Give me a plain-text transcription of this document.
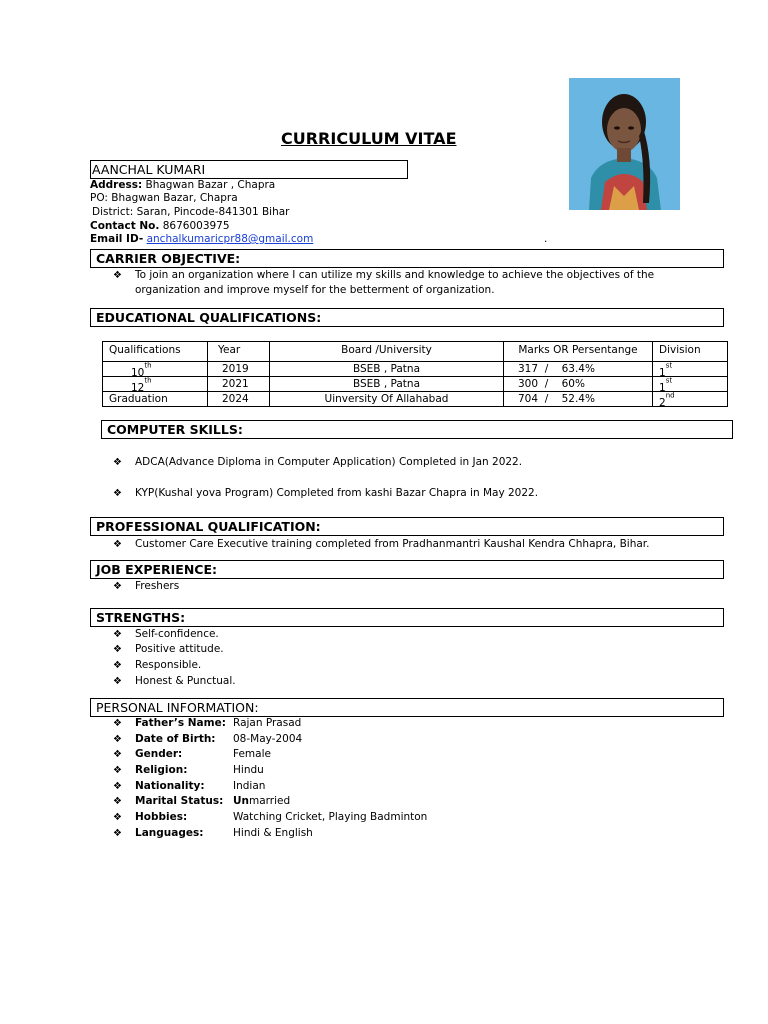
CURRICULUM VITAE
AANCHAL KUMARI
Address: Bhagwan Bazar , Chapra
PO: Bhagwan Bazar, Chapra
District: Saran, Pincode-841301 Bihar
Contact No. 8676003975
Email ID- anchalkumaricpr88@gmail.com	.
CARRIER OBJECTIVE:
❖ To join an organization where I can utilize my skills and knowledge to achieve the objectives of the organization and improve myself for the betterment of organization.
EDUCATIONAL QUALIFICATIONS:
Qualifications	Year	Board /University	Marks OR Persentange	Division
10th	2019	BSEB , Patna	317  /    63.4%	1st
12th	2021	BSEB , Patna	300  /    60%	1st
Graduation	2024	Uinversity Of Allahabad	704  /    52.4%	2nd
COMPUTER SKILLS:
❖ ADCA(Advance Diploma in Computer Application) Completed in Jan 2022.
❖ KYP(Kushal yova Program) Completed from kashi Bazar Chapra in May 2022.
PROFESSIONAL QUALIFICATION:
❖ Customer Care Executive training completed from Pradhanmantri Kaushal Kendra Chhapra, Bihar.
JOB EXPERIENCE:
❖ Freshers
STRENGTHS:
❖ Self-confidence.
❖ Positive attitude.
❖ Responsible.
❖ Honest & Punctual.
PERSONAL INFORMATION:
❖ Father’s Name: Rajan Prasad
❖ Date of Birth: 08-May-2004
❖ Gender:	Female
❖ Religion:	Hindu
❖ Nationality:	Indian
❖ Marital Status: Unmarried
❖ Hobbies:	Watching Cricket, Playing Badminton
❖ Languages:	Hindi & English
